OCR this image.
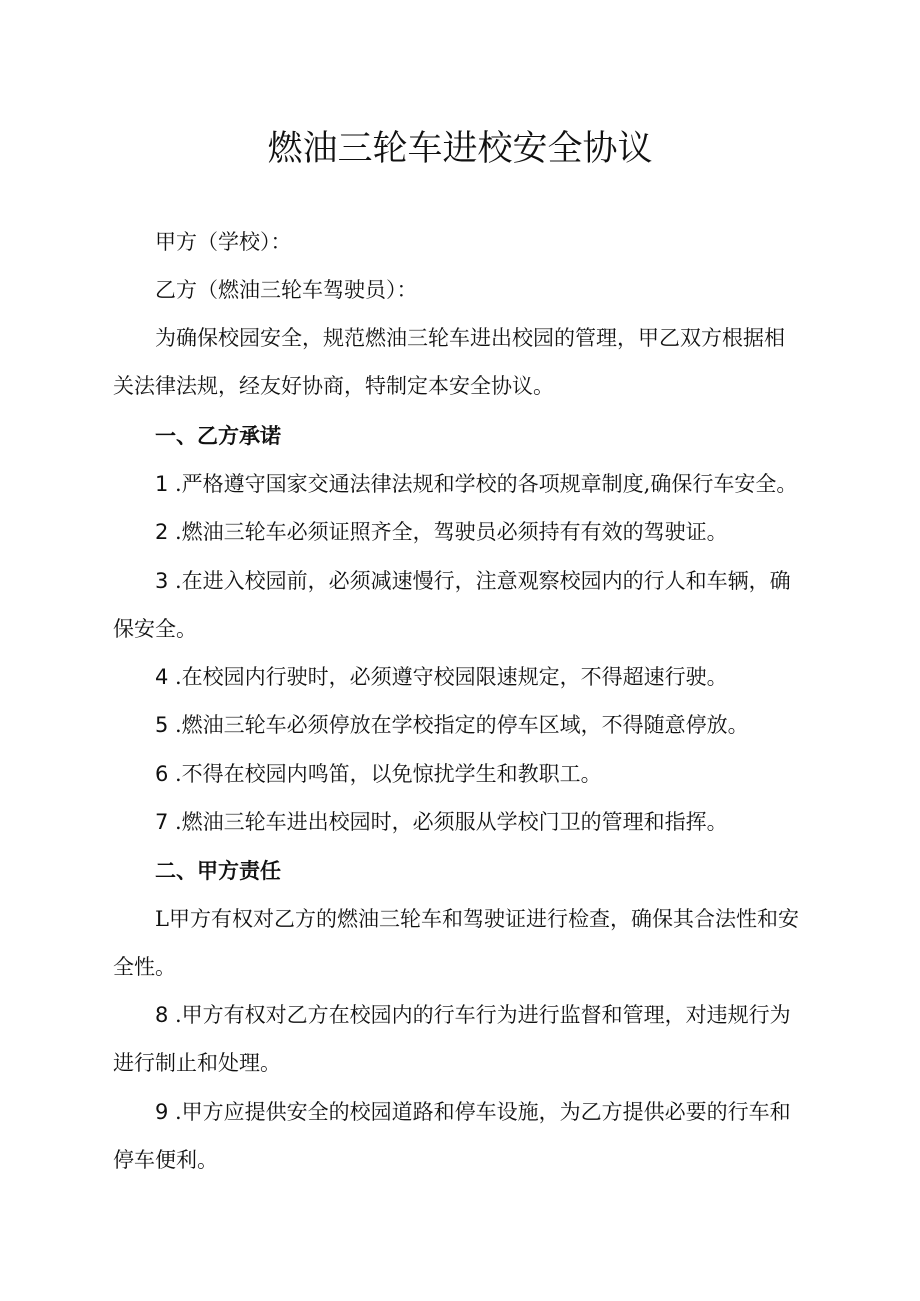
燃油三轮车进校安全协议

甲方（学校）：

乙方（燃油三轮车驾驶员）：

为确保校园安全，规范燃油三轮车进出校园的管理，甲乙双方根据相

关法律法规，经友好协商，特制定本安全协议。

一、乙方承诺

1 .严格遵守国家交通法律法规和学校的各项规章制度,确保行车安全。

2 .燃油三轮车必须证照齐全，驾驶员必须持有有效的驾驶证。

3 .在进入校园前，必须减速慢行，注意观察校园内的行人和车辆，确

保安全。

4 .在校园内行驶时，必须遵守校园限速规定，不得超速行驶。

5 .燃油三轮车必须停放在学校指定的停车区域，不得随意停放。

6 .不得在校园内鸣笛，以免惊扰学生和教职工。

7 .燃油三轮车进出校园时，必须服从学校门卫的管理和指挥。

二、甲方责任

L甲方有权对乙方的燃油三轮车和驾驶证进行检查，确保其合法性和安

全性。

8 .甲方有权对乙方在校园内的行车行为进行监督和管理，对违规行为

进行制止和处理。

9 .甲方应提供安全的校园道路和停车设施，为乙方提供必要的行车和

停车便利。
